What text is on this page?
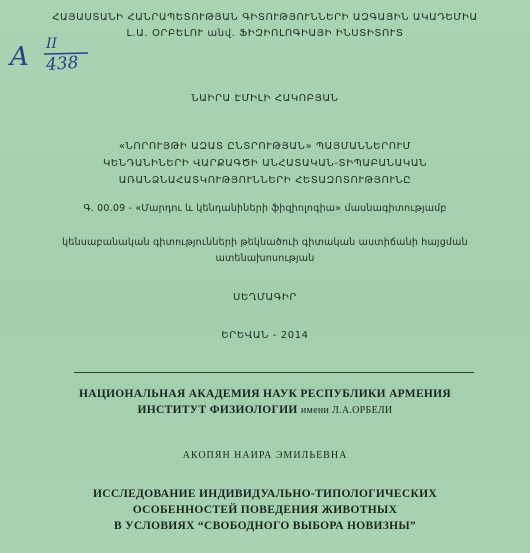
ՀԱՅԱՍՏԱՆԻ ՀԱՆՐԱՊԵՏՈՒԹՅԱՆ ԳԻՏՈՒԹՅՈՒՆՆԵՐԻ ԱԶԳԱՅԻՆ ԱԿԱԴԵՄԻԱ
Լ.Ա. ՕՐԲԵԼՈՒ անվ. ՖԻԶԻՈԼՈԳԻԱՅԻ ԻՆՍՏԻՏՈՒՏ
A II
438
ՆԱԻՐԱ ԷՄԻԼԻ ՀԱԿՈԲՅԱՆ
«ՆՈՐՈՒՅԹԻ ԱԶԱՏ ԸՆՏՐՈՒԹՅԱՆ» ՊԱՅՄԱՆՆԵՐՈՒՄ
ԿԵՆԴԱՆԻՆԵՐԻ ՎԱՐՔԱԳԾԻ ԱՆՀԱՏԱԿԱՆ-ՏԻՊԱԲԱՆԱԿԱՆ
ԱՌԱՆՁՆԱՀԱՏԿՈՒԹՅՈՒՆՆԵՐԻ ՀԵՏԱԶՈՏՈՒԹՅՈՒՆԸ
Գ. 00.09 - «Մարդու և կենդանիների ֆիզիոլոգիա» մասնագիտությամբ
կենսաբանական գիտությունների թեկնածուի գիտական աստիճանի հայցման
ատենախոսության
ՍԵՂՄԱԳԻՐ
ԵՐԵՎԱՆ - 2014
НАЦИОНАЛЬНАЯ АКАДЕМИЯ НАУК РЕСПУБЛИКИ АРМЕНИЯ
ИНСТИТУТ ФИЗИОЛОГИИ имени Л.А.ОРБЕЛИ
АКОПЯН НАИРА ЭМИЛЬЕВНА
ИССЛЕДОВАНИЕ ИНДИВИДУАЛЬНО-ТИПОЛОГИЧЕСКИХ
ОСОБЕННОСТЕЙ ПОВЕДЕНИЯ ЖИВОТНЫХ
В УСЛОВИЯХ “СВОБОДНОГО ВЫБОРА НОВИЗНЫ”
